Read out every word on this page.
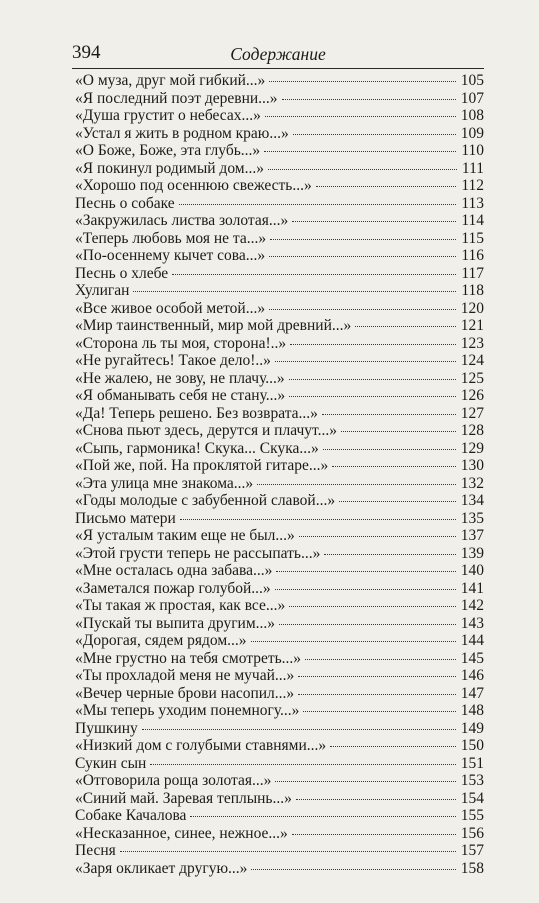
394	Содержание
«О муза, друг мой гибкий...»	105
«Я последний поэт деревни...»	107
«Душа грустит о небесах...»	108
«Устал я жить в родном краю...»	109
«О Боже, Боже, эта глубь...»	110
«Я покинул родимый дом...»	111
«Хорошо под осеннюю свежесть...»	112
Песнь о собаке	113
«Закружилась листва золотая...»	114
«Теперь любовь моя не та...»	115
«По-осеннему кычет сова...»	116
Песнь о хлебе	117
Хулиган	118
«Все живое особой метой...»	120
«Мир таинственный, мир мой древний...»	121
«Сторона ль ты моя, сторона!..»	123
«Не ругайтесь! Такое дело!..»	124
«Не жалею, не зову, не плачу...»	125
«Я обманывать себя не стану...»	126
«Да! Теперь решено. Без возврата...»	127
«Снова пьют здесь, дерутся и плачут...»	128
«Сыпь, гармоника! Скука... Скука...»	129
«Пой же, пой. На проклятой гитаре...»	130
«Эта улица мне знакома...»	132
«Годы молодые с забубенной славой...»	134
Письмо матери	135
«Я усталым таким еще не был...»	137
«Этой грусти теперь не рассыпать...»	139
«Мне осталась одна забава...»	140
«Заметался пожар голубой...»	141
«Ты такая ж простая, как все...»	142
«Пускай ты выпита другим...»	143
«Дорогая, сядем рядом...»	144
«Мне грустно на тебя смотреть...»	145
«Ты прохладой меня не мучай...»	146
«Вечер черные брови насопил...»	147
«Мы теперь уходим понемногу...»	148
Пушкину	149
«Низкий дом с голубыми ставнями...»	150
Сукин сын	151
«Отговорила роща золотая...»	153
«Синий май. Заревая теплынь...»	154
Собаке Качалова	155
«Несказанное, синее, нежное...»	156
Песня	157
«Заря окликает другую...»	158
